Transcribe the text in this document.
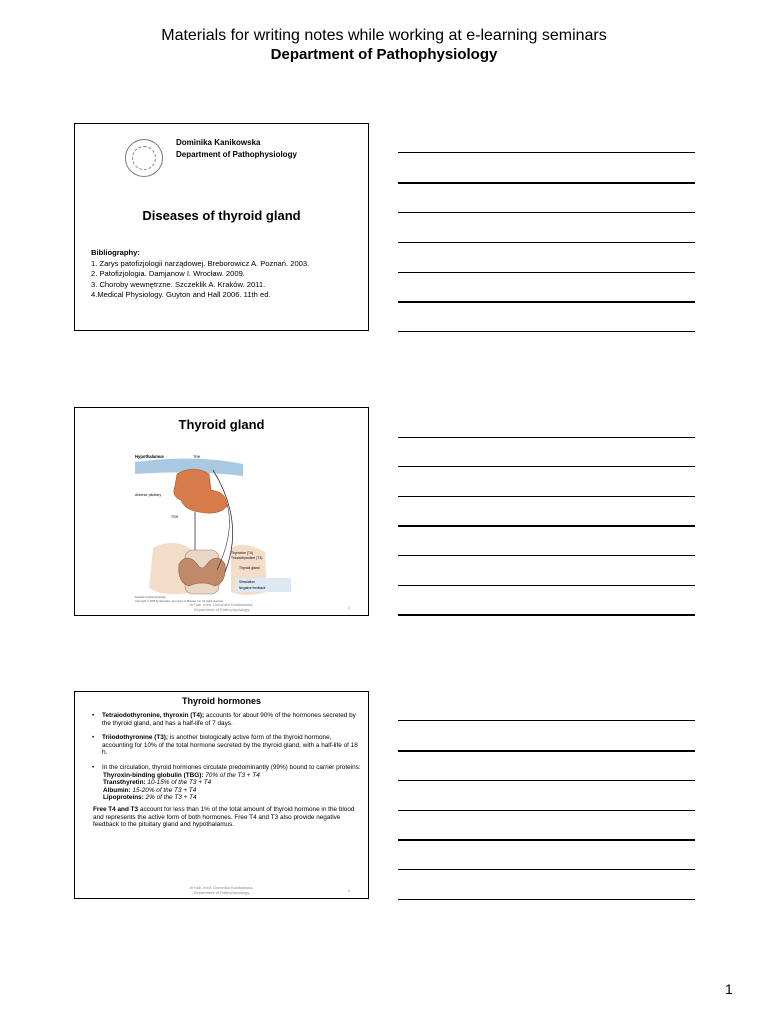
Materials for writing notes while working at e-learning seminars
Department of Pathophysiology
Dominika Kanikowska
Department of Pathophysiology
Diseases of thyroid gland
Bibliography:
1. Zarys patofizjologii narządowej. Breborowicz A. Poznań. 2003.
2. Patofizjologia. Damjanow I. Wrocław. 2009.
3. Choroby wewnętrzne. Szczeklik A. Kraków. 2011.
4.Medical Physiology. Guyton and Hall 2006. 11th ed.
Thyroid gland
Hypothalamus	TRH
Anterior pituitary
TSH
Thyroxine (T4)
Triiodothyronine (T3)
Thyroid gland
Stimulation
Negative feedback
Dorland's Pathophysiology
Copyright © 2005 by Saunders, an imprint of Elsevier, Inc. All rights reserved.
dr hab. med. Dominika Kanikowska,
Department of Pathophysiology	2
Thyroid hormones
• Tetraiodothyronine, thyroxin (T4); accounts for about 90% of the hormones secreted by the thyroid gland, and has a half-life of 7 days.
• Triiodothyronine (T3); is another biologically active form of the thyroid hormone, accounting for 10% of the total hormone secreted by the thyroid gland, with a half-life of 18 h.
• In the circulation, thyroid hormones circulate predominantly (99%) bound to carrier proteins:
Thyroxin-binding globulin (TBG): 70% of the T3 + T4
Transthyretin: 10-15% of the T3 + T4
Albumin: 15-20% of the T3 + T4
Lipoproteins: 2% of the T3 + T4
Free T4 and T3 account for less than 1% of the total amount of thyroid hormone in the blood and represents the active form of both hormones. Free T4 and T3 also provide negative feedback to the pituitary gland and hypothalamus.
dr hab. med. Dominika Kanikowska,
Department of Pathophysiology	3
1
